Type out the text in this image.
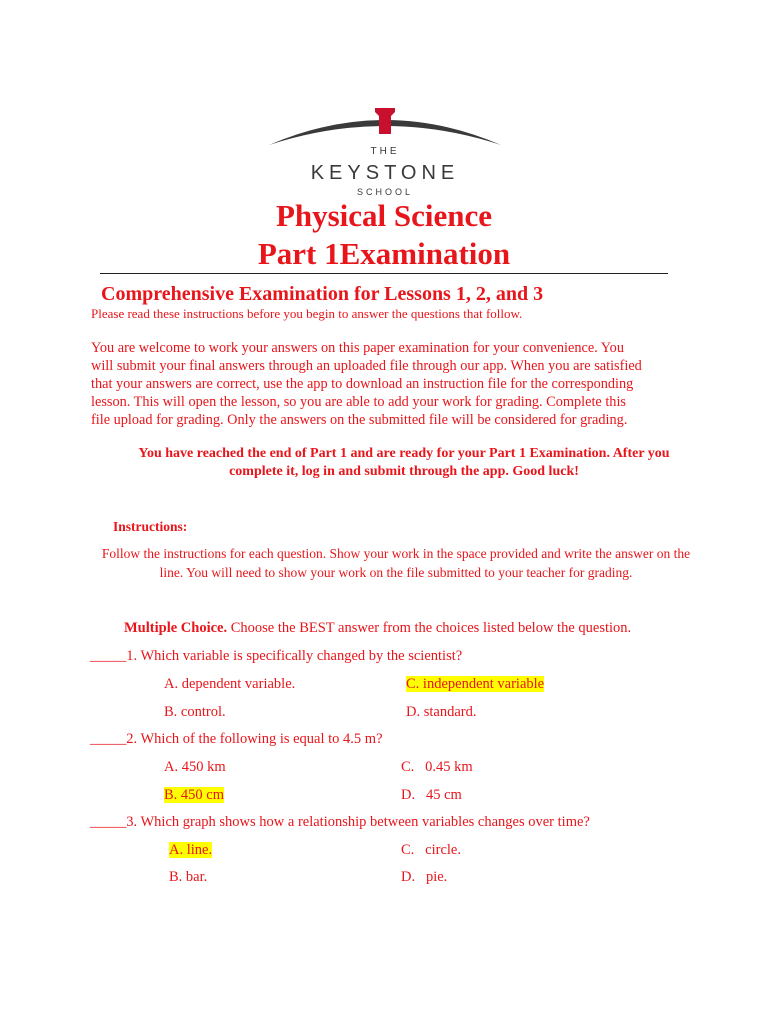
THE
KEYSTONE
SCHOOL
Physical Science
Part 1Examination
Comprehensive Examination for Lessons 1, 2, and 3
Please read these instructions before you begin to answer the questions that follow.
You are welcome to work your answers on this paper examination for your convenience. You
will submit your final answers through an uploaded file through our app. When you are satisfied
that your answers are correct, use the app to download an instruction file for the corresponding
lesson. This will open the lesson, so you are able to add your work for grading. Complete this
file upload for grading. Only the answers on the submitted file will be considered for grading.
You have reached the end of Part 1 and are ready for your Part 1 Examination. After you complete it, log in and submit through the app. Good luck!
Instructions:
Follow the instructions for each question. Show your work in the space provided and write the answer on the line. You will need to show your work on the file submitted to your teacher for grading.
Multiple Choice. Choose the BEST answer from the choices listed below the question.
_____1. Which variable is specifically changed by the scientist?
A. dependent variable.	C. independent variable
B. control.	D. standard.
_____2. Which of the following is equal to 4.5 m?
A. 450 km	C.   0.45 km
B. 450 cm	D.   45 cm
_____3. Which graph shows how a relationship between variables changes over time?
A. line.	C.   circle.
B. bar.	D.   pie.
